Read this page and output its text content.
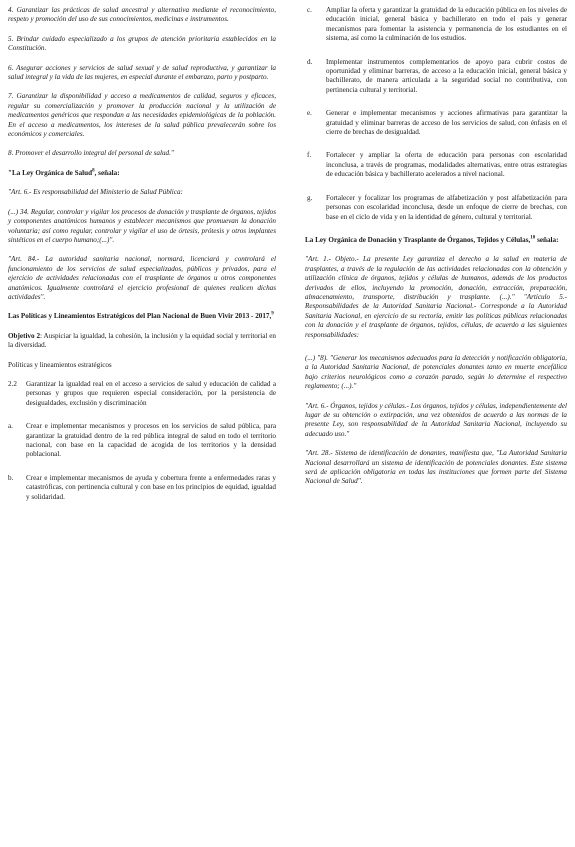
4. Garantizar las prácticas de salud ancestral y alternativa mediante el reconocimiento, respeto y promoción del uso de sus conocimientos, medicinas e instrumentos.

5. Brindar cuidado especializado a los grupos de atención prioritaria establecidos en la Constitución.

6. Asegurar acciones y servicios de salud sexual y de salud reproductiva, y garantizar la salud integral y la vida de las mujeres, en especial durante el embarazo, parto y postparto.

7. Garantizar la disponibilidad y acceso a medicamentos de calidad, seguros y eficaces, regular su comercialización y promover la producción nacional y la utilización de medicamentos genéricos que respondan a las necesidades epidemiológicas de la población. En el acceso a medicamentos, los intereses de la salud pública prevalecerán sobre los económicos y comerciales.

8. Promover el desarrollo integral del personal de salud."

"La Ley Orgánica de Salud$^8$, señala:

"Art. 6.- Es responsabilidad del Ministerio de Salud Pública:

(...) 34. Regular, controlar y vigilar los procesos de donación y trasplante de órganos, tejidos y componentes anatómicos humanos y establecer mecanismos que promuevan la donación voluntaria; así como regular, controlar y vigilar el uso de órtesis, prótesis y otros implantes sintéticos en el cuerpo humano;(...)".

"Art. 84.- La autoridad sanitaria nacional, normará, licenciará y controlará el funcionamiento de los servicios de salud especializados, públicos y privados, para el ejercicio de actividades relacionadas con el trasplante de órganos u otros componentes anatómicos. Igualmente controlará el ejercicio profesional de quienes realicen dichas actividades".

Las Políticas y Lineamientos Estratégicos del Plan Nacional de Buen Vivir 2013 - 2017,$^9$

Objetivo 2: Auspiciar la igualdad, la cohesión, la inclusión y la equidad social y territorial en la diversidad.

Políticas y lineamientos estratégicos

2.2 Garantizar la igualdad real en el acceso a servicios de salud y educación de calidad a personas y grupos que requieren especial consideración, por la persistencia de desigualdades, exclusión y discriminación

a. Crear e implementar mecanismos y procesos en los servicios de salud pública, para garantizar la gratuidad dentro de la red pública integral de salud en todo el territorio nacional, con base en la capacidad de acogida de los territorios y la densidad poblacional.

b. Crear e implementar mecanismos de ayuda y cobertura frente a enfermedades raras y catastróficas, con pertinencia cultural y con base en los principios de equidad, igualdad y solidaridad.

c. Ampliar la oferta y garantizar la gratuidad de la educación pública en los niveles de educación inicial, general básica y bachillerato en todo el país y generar mecanismos para fomentar la asistencia y permanencia de los estudiantes en el sistema, así como la culminación de los estudios.

d. Implementar instrumentos complementarios de apoyo para cubrir costos de oportunidad y eliminar barreras, de acceso a la educación inicial, general básica y bachillerato, de manera articulada a la seguridad social no contributiva, con pertinencia cultural y territorial.

e. Generar e implementar mecanismos y acciones afirmativas para garantizar la gratuidad y eliminar barreras de acceso de los servicios de salud, con énfasis en el cierre de brechas de desigualdad.

f. Fortalecer y ampliar la oferta de educación para personas con escolaridad inconclusa, a través de programas, modalidades alternativas, entre otras estrategias de educación básica y bachillerato acelerados a nivel nacional.

g. Fortalecer y focalizar los programas de alfabetización y post alfabetización para personas con escolaridad inconclusa, desde un enfoque de cierre de brechas, con base en el ciclo de vida y en la identidad de género, cultural y territorial.

La Ley Orgánica de Donación y Trasplante de Órganos, Tejidos y Células,$^{10}$ señala:

"Art. 1.- Objeto.- La presente Ley garantiza el derecho a la salud en materia de trasplantes, a través de la regulación de las actividades relacionadas con la obtención y utilización clínica de órganos, tejidos y células de humanos, además de los productos derivados de ellos, incluyendo la promoción, donación, extracción, preparación, almacenamiento, transporte, distribución y trasplante. (...)." "Artículo 5.- Responsabilidades de la Autoridad Sanitaria Nacional.- Corresponde a la Autoridad Sanitaria Nacional, en ejercicio de su rectoría, emitir las políticas públicas relacionadas con la donación y el trasplante de órganos, tejidos, células, de acuerdo a las siguientes responsabilidades:

(...) "8). "Generar los mecanismos adecuados para la detección y notificación obligatoria, a la Autoridad Sanitaria Nacional, de potenciales donantes tanto en muerte encefálica bajo criterios neurológicos como a corazón parado, según lo determine el respectivo reglamento; (...)."

"Art. 6.- Órganos, tejidos y células.- Los órganos, tejidos y células, independientemente del lugar de su obtención o extirpación, una vez obtenidos de acuerdo a las normas de la presente Ley, son responsabilidad de la Autoridad Sanitaria Nacional, incluyendo su adecuado uso."

"Art. 28.- Sistema de identificación de donantes, manifiesta que, "La Autoridad Sanitaria Nacional desarrollará un sistema de identificación de potenciales donantes. Este sistema será de aplicación obligatoria en todas las instituciones que formen parte del Sistema Nacional de Salud".
